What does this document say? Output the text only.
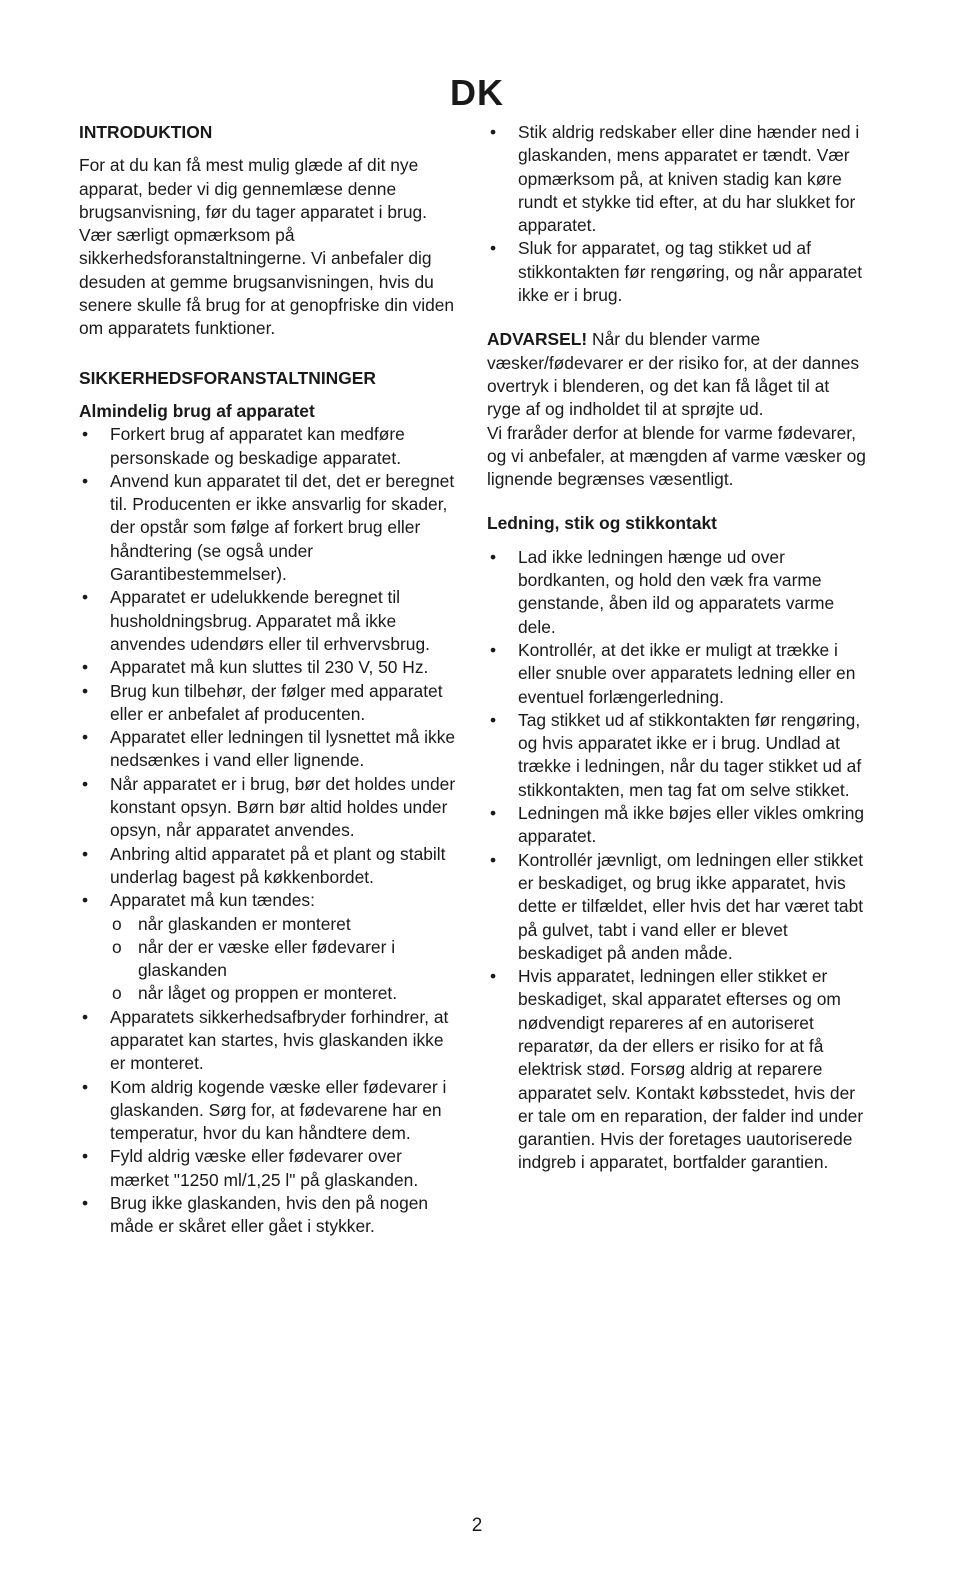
DK
INTRODUKTION

For at du kan få mest mulig glæde af dit nye apparat, beder vi dig gennemlæse denne brugsanvisning, før du tager apparatet i brug. Vær særligt opmærksom på sikkerhedsforanstaltningerne. Vi anbefaler dig desuden at gemme brugsanvisningen, hvis du senere skulle få brug for at genopfriske din viden om apparatets funktioner.

SIKKERHEDSFORANSTALTNINGER
Almindelig brug af apparatet
• Forkert brug af apparatet kan medføre personskade og beskadige apparatet.
• Anvend kun apparatet til det, det er beregnet til. Producenten er ikke ansvarlig for skader, der opstår som følge af forkert brug eller håndtering (se også under Garantibestemmelser).
• Apparatet er udelukkende beregnet til husholdningsbrug. Apparatet må ikke anvendes udendørs eller til erhvervsbrug.
• Apparatet må kun sluttes til 230 V, 50 Hz.
• Brug kun tilbehør, der følger med apparatet eller er anbefalet af producenten.
• Apparatet eller ledningen til lysnettet må ikke nedsænkes i vand eller lignende.
• Når apparatet er i brug, bør det holdes under konstant opsyn. Børn bør altid holdes under opsyn, når apparatet anvendes.
• Anbring altid apparatet på et plant og stabilt underlag bagest på køkkenbordet.
• Apparatet må kun tændes:
o når glaskanden er monteret
o når der er væske eller fødevarer i glaskanden
o når låget og proppen er monteret.
• Apparatets sikkerhedsafbryder forhindrer, at apparatet kan startes, hvis glaskanden ikke er monteret.
• Kom aldrig kogende væske eller fødevarer i glaskanden. Sørg for, at fødevarene har en temperatur, hvor du kan håndtere dem.
• Fyld aldrig væske eller fødevarer over mærket "1250 ml/1,25 l" på glaskanden.
• Brug ikke glaskanden, hvis den på nogen måde er skåret eller gået i stykker.
• Stik aldrig redskaber eller dine hænder ned i glaskanden, mens apparatet er tændt. Vær opmærksom på, at kniven stadig kan køre rundt et stykke tid efter, at du har slukket for apparatet.
• Sluk for apparatet, og tag stikket ud af stikkontakten før rengøring, og når apparatet ikke er i brug.

ADVARSEL! Når du blender varme væsker/fødevarer er der risiko for, at der dannes overtryk i blenderen, og det kan få låget til at ryge af og indholdet til at sprøjte ud.

Vi fraråder derfor at blende for varme fødevarer, og vi anbefaler, at mængden af varme væsker og lignende begrænses væsentligt.

Ledning, stik og stikkontakt
• Lad ikke ledningen hænge ud over bordkanten, og hold den væk fra varme genstande, åben ild og apparatets varme dele.
• Kontrollér, at det ikke er muligt at trække i eller snuble over apparatets ledning eller en eventuel forlængerledning.
• Tag stikket ud af stikkontakten før rengøring, og hvis apparatet ikke er i brug. Undlad at trække i ledningen, når du tager stikket ud af stikkontakten, men tag fat om selve stikket.
• Ledningen må ikke bøjes eller vikles omkring apparatet.
• Kontrollér jævnligt, om ledningen eller stikket er beskadiget, og brug ikke apparatet, hvis dette er tilfældet, eller hvis det har været tabt på gulvet, tabt i vand eller er blevet beskadiget på anden måde.
• Hvis apparatet, ledningen eller stikket er beskadiget, skal apparatet efterses og om nødvendigt repareres af en autoriseret reparatør, da der ellers er risiko for at få elektrisk stød. Forsøg aldrig at reparere apparatet selv. Kontakt købsstedet, hvis der er tale om en reparation, der falder ind under garantien. Hvis der foretages uautoriserede indgreb i apparatet, bortfalder garantien.
2
